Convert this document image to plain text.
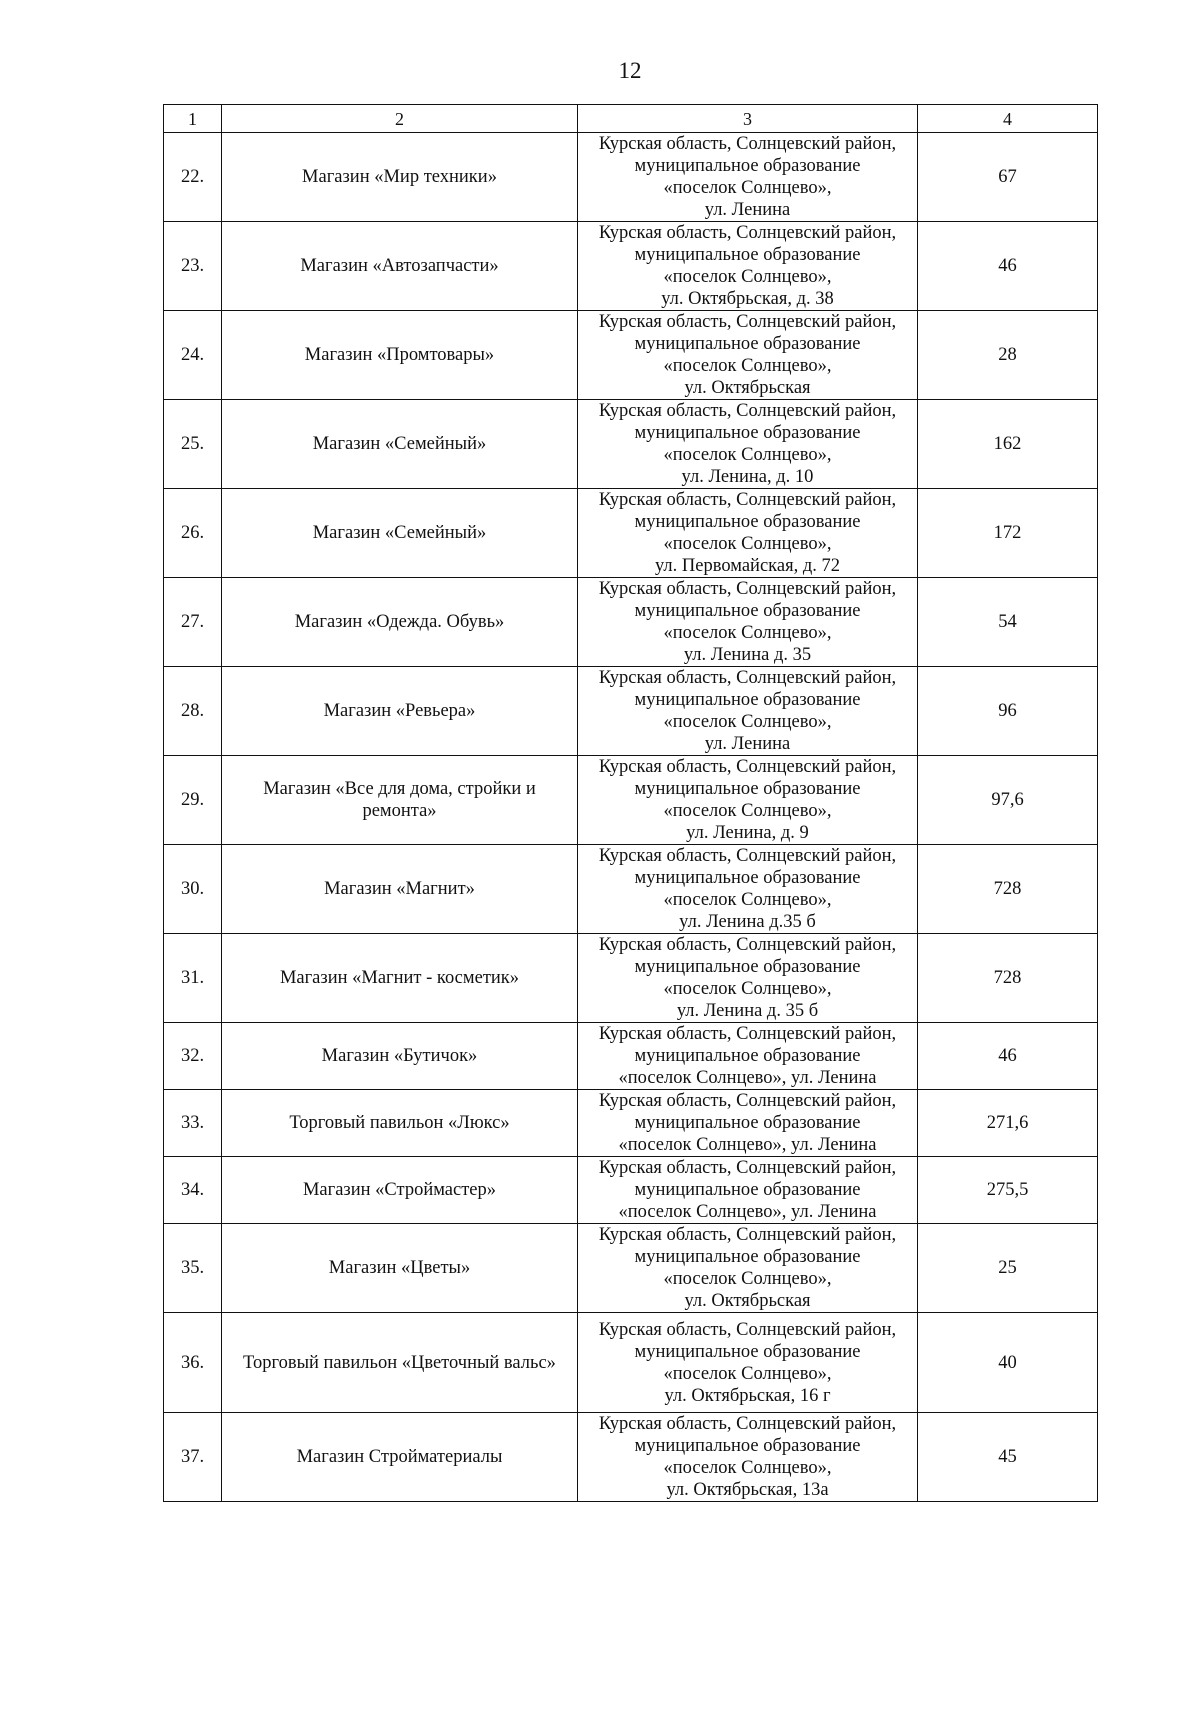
12
1	2	3	4
22.	Магазин «Мир техники»	Курская область, Солнцевский район,
муниципальное образование
«поселок Солнцево»,
ул. Ленина	67
23.	Магазин «Автозапчасти»	Курская область, Солнцевский район,
муниципальное образование
«поселок Солнцево»,
ул. Октябрьская, д. 38	46
24.	Магазин «Промтовары»	Курская область, Солнцевский район,
муниципальное образование
«поселок Солнцево»,
ул. Октябрьская	28
25.	Магазин «Семейный»	Курская область, Солнцевский район,
муниципальное образование
«поселок Солнцево»,
ул. Ленина, д. 10	162
26.	Магазин «Семейный»	Курская область, Солнцевский район,
муниципальное образование
«поселок Солнцево»,
ул. Первомайская, д. 72	172
27.	Магазин «Одежда. Обувь»	Курская область, Солнцевский район,
муниципальное образование
«поселок Солнцево»,
ул. Ленина д. 35	54
28.	Магазин «Ревьера»	Курская область, Солнцевский район,
муниципальное образование
«поселок Солнцево»,
ул. Ленина	96
29.	Магазин «Все для дома, стройки и ремонта»	Курская область, Солнцевский район,
муниципальное образование
«поселок Солнцево»,
ул. Ленина, д. 9	97,6
30.	Магазин «Магнит»	Курская область, Солнцевский район,
муниципальное образование
«поселок Солнцево»,
ул. Ленина д.35 б	728
31.	Магазин «Магнит - косметик»	Курская область, Солнцевский район,
муниципальное образование
«поселок Солнцево»,
ул. Ленина д. 35 б	728
32.	Магазин «Бутичок»	Курская область, Солнцевский район,
муниципальное образование
«поселок Солнцево», ул. Ленина	46
33.	Торговый павильон «Люкс»	Курская область, Солнцевский район,
муниципальное образование
«поселок Солнцево», ул. Ленина	271,6
34.	Магазин «Строймастер»	Курская область, Солнцевский район,
муниципальное образование
«поселок Солнцево», ул. Ленина	275,5
35.	Магазин «Цветы»	Курская область, Солнцевский район,
муниципальное образование
«поселок Солнцево»,
ул. Октябрьская	25
36.	Торговый павильон «Цветочный вальс»	Курская область, Солнцевский район,
муниципальное образование
«поселок Солнцево»,
ул. Октябрьская, 16 г	40
37.	Магазин Стройматериалы	Курская область, Солнцевский район,
муниципальное образование
«поселок Солнцево»,
ул. Октябрьская, 13а	45
